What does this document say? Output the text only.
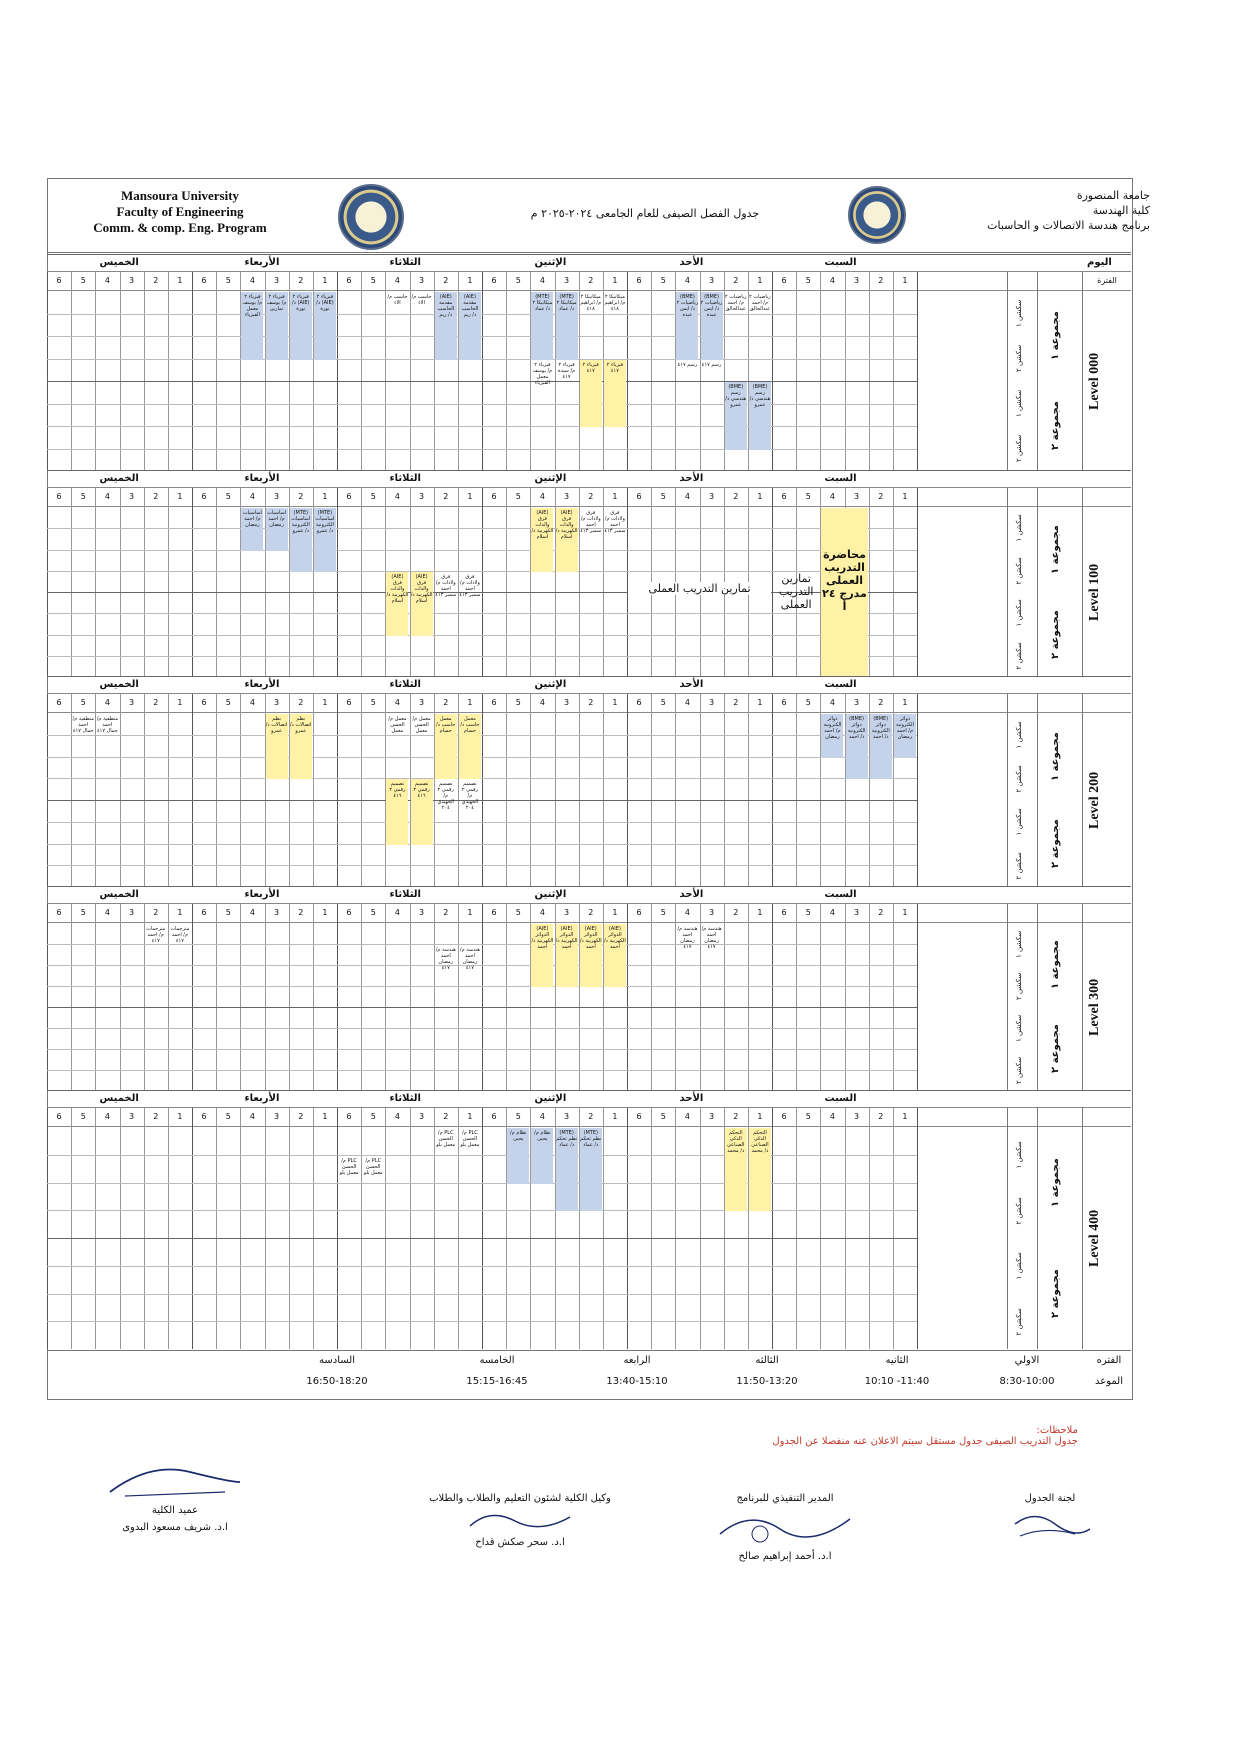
Mansoura University
Faculty of Engineering
Comm. & comp. Eng. Program
جدول الفصل الصيفى للعام الجامعى ٢٠٢٤-٢٠٢٥ م
جامعة المنصورة
كلية الهندسة
برنامج هندسة الاتصالات و الحاسبات
السبت
الأحد
الإثنين
الثلاثاء
الأربعاء
الخميس	اليوم
1
2
3
4
5
6
1
2
3
4
5
6
1
2
3
4
5
6
1
2
3
4
5
6
1
2
3
4
5
6
1
2
3
4
5
6	الفترة
سكشن ١
سكشن ٢
سكشن ١
سكشن ٢
مجموعة ١
مجموعة ٢
Level 000
فيزياء ٢ م/ يوسف معمل الفيزياء
فيزياء ٢ م/ يوسف تمارين
فيزياء ٢ (AIE) د/ نورة
فيزياء ٢ (AIE) د/ نورة
حاسب م/ الاء
حاسب م/ الاء
(AIE) مقدمة الحاسب د/ ريم
(AIE) مقدمة الحاسب د/ ريم
(MTE) ميكانيكا ٢ د/ عماد
(MTE) ميكانيكا ٢ د/ عماد
ميكانيكا ٢ م/ ابراهيم ٤١٨
ميكانيكا ٢ م/ ابراهيم ٤١٨
(BME) رياضيات ٢ د/ ايمن عبده
(BME) رياضيات ٢ د/ ايمن عبده
رياضيات ٢ م/ احمد عبدالخالق
رياضيات ٢ م/ احمد عبدالخالق
فيزياء ٢ م/ يوسف معمل الفيزياء
فيزياء ٢ م/ سيدة ٤١٧
فيزياء ٢ ٤١٧
فيزياء ٢ ٤١٧
رسم ٤١٧ رسم ٤١٧
(BME) رسم هندسي د/ عمرو
(BME) رسم هندسي د/ عمرو
السبت
الأحد
الإثنين
الثلاثاء
الأربعاء
الخميس
1
2
3
4
5
6
1
2
3
4
5
6
1
2
3
4
5
6
1
2
3
4
5
6
1
2
3
4
5
6
1
2
3
4
5
6
سكشن ١
سكشن ٢
سكشن ١
سكشن ٢
مجموعة ١
مجموعة ٢
Level 100
اساسيات م/ احمد رمضان
اساسيات م/ احمد رمضان
(MTE) اساسيات الكترونية د/ عمرو
(MTE) اساسيات الكترونية د/ عمرو
فرق ولادات م/ احمد سمير ٤١٣
فرق ولادات م/ احمد سمير ٤١٣
(AIE) فرق والدات الكهربية د/ اسلام
(AIE) فرق والدات الكهربية د/ اسلام
فرق ولادات م/ احمد سمير ٤١٣
فرق ولادات م/ احمد سمير ٤١٣
(AIE) فرق والدات الكهربية د/ اسلام
(AIE) فرق والدات الكهربية د/ اسلام
محاضرة التدريب العملى مدرج ٢٤ أ
تمارين التدريب العملى
تمارين التدريب العملى
السبت
الأحد
الإثنين
الثلاثاء
الأربعاء
الخميس
1
2
3
4
5
6
1
2
3
4
5
6
1
2
3
4
5
6
1
2
3
4
5
6
1
2
3
4
5
6
1
2
3
4
5
6
سكشن ١
سكشن ٢
سكشن ١
سكشن ٢
مجموعة ١
مجموعة ٢
Level 200
منطقية م/ احمد جمال ٤١٧
منطقية م/ احمد جمال ٤١٧
نظم اتصالات د/ عمرو
نظم اتصالات د/ عمرو
معمل م/ الحسن معمل
معمل م/ الحسن معمل
معمل حاسب د/ حسام
معمل حاسب د/ حسام
دوائر الكترونية م/ احمد رمضان
دوائر الكترونية م/ احمد رمضان
(BME) دوائر الكترونية د/ احمد
(BME) دوائر الكترونية د/ احمد
تصميم رقمي ٢ م/ الجهيدي ٢٠٤
تصميم رقمي ٢ م/ الجهيدي ٢٠٤
تصميم رقمي ٢ ٤١٦
تصميم رقمي ٢ ٤١٦
السبت
الأحد
الإثنين
الثلاثاء
الأربعاء
الخميس
1
2
3
4
5
6
1
2
3
4
5
6
1
2
3
4
5
6
1
2
3
4
5
6
1
2
3
4
5
6
1
2
3
4
5
6
سكشن ١
سكشن ٢
سكشن ١
سكشن ٢
مجموعة ١
مجموعة ٢
Level 300
مترجمات م/ احمد ٤١٧
مترجمات م/ احمد ٤١٧
(AIE) الدوائر الكهربية د/ احمد
(AIE) الدوائر الكهربية د/ احمد
(AIE) الدوائر الكهربية د/ احمد
(AIE) الدوائر الكهربية د/ احمد
هندسة م/ احمد رمضان ٤١٧
هندسة م/ احمد رمضان ٤١٧
هندسة م/ احمد رمضان ٤١٧
هندسة م/ احمد رمضان ٤١٧
السبت
الأحد
الإثنين
الثلاثاء
الأربعاء
الخميس
1
2
3
4
5
6
1
2
3
4
5
6
1
2
3
4
5
6
1
2
3
4
5
6
1
2
3
4
5
6
1
2
3
4
5
6
سكشن ١
سكشن ٢
سكشن ١
سكشن ٢
مجموعة ١
مجموعة ٢
Level 400
PLC م/ الحسن معمل يلو
PLC م/ الحسن معمل يلو
PLC م/ الحسن معمل يلو
PLC م/ الحسن معمل يلو
نظام م/ يحيى
نظام م/ يحيى
(MTE) نظم تحكم د/ عماد
(MTE) نظم تحكم د/ عماد
التحكم الذكي الصناعي د/ محمد
التحكم الذكي الصناعي د/ محمد
الفتره
الاولي
الثانيه
الثالثه
الرابعه
الخامسه
السادسه
الموعد
8:30-10:00
10:10 -11:40
11:50-13:20
13:40-15:10
15:15-16:45
16:50-18:20
ملاحظات:
جدول التدريب الصيفى جدول مستقل سيتم الاعلان عنه منفصلا عن الجدول
لجنة الجدول
المدير التنفيذي للبرنامج
ا.د. أحمد إبراهيم صالح
وكيل الكلية لشئون التعليم والطلاب والطلاب
ا.د. سحر صكش قداح
عميد الكلية
ا.د. شريف مسعود البدوى
